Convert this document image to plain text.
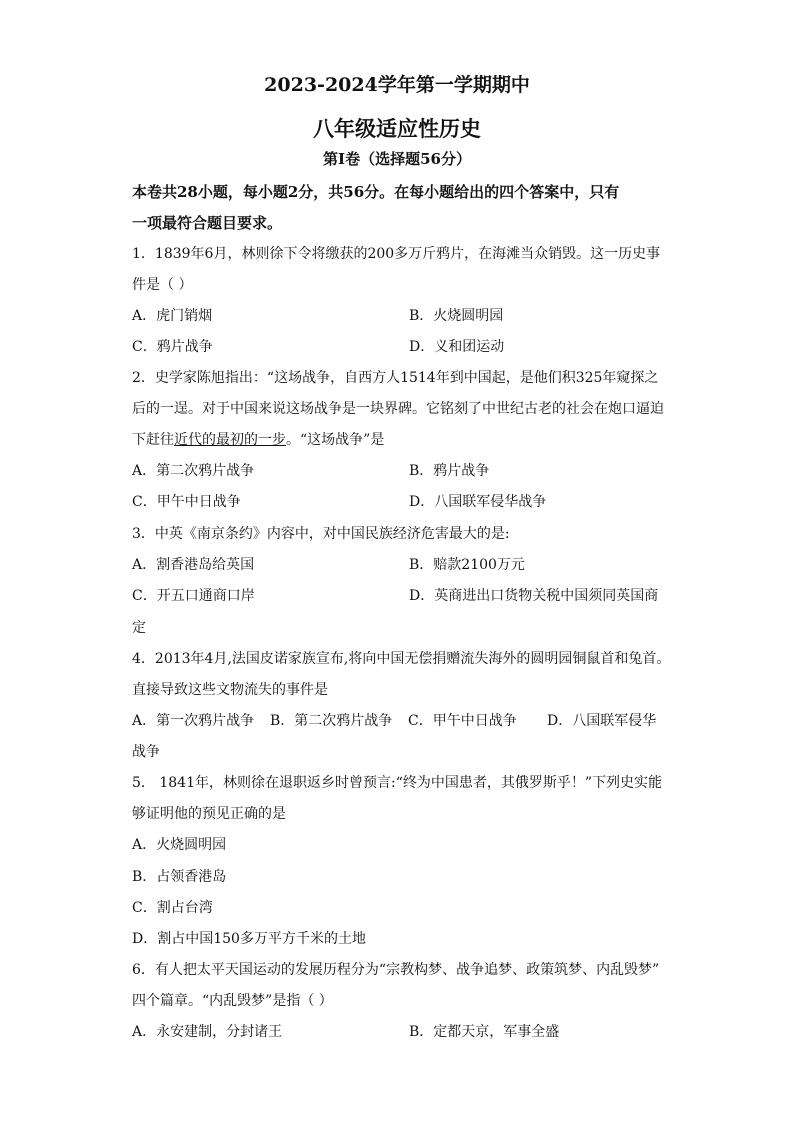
2023-2024学年第一学期期中
八年级适应性历史
第Ⅰ卷（选择题56分）
本卷共28小题，每小题2分，共56分。在每小题给出的四个答案中，只有
一项最符合题目要求。
1．1839年6月，林则徐下令将缴获的200多万斤鸦片，在海滩当众销毁。这一历史事
件是（ ）
A．虎门销烟	B．火烧圆明园
C．鸦片战争	D．义和团运动
2．史学家陈旭指出：“这场战争，自西方人1514年到中国起，是他们积325年窥探之
后的一逞。对于中国来说这场战争是一块界碑。它铭刻了中世纪古老的社会在炮口逼迫
下赶往近代的最初的一步。“这场战争”是
A．第二次鸦片战争	B．鸦片战争
C．甲午中日战争	D．八国联军侵华战争
3．中英《南京条约》内容中，对中国民族经济危害最大的是:
A．割香港岛给英国	B．赔款2100万元
C．开五口通商口岸	D．英商进出口货物关税中国须同英国商
定
4．2013年4月,法国皮诺家族宣布,将向中国无偿捐赠流失海外的圆明园铜鼠首和兔首。
直接导致这些文物流失的事件是
A．第一次鸦片战争 B．第二次鸦片战争 C．甲午中日战争 D．八国联军侵华
战争
5． 1841年，林则徐在退职返乡时曾预言:“终为中国患者，其俄罗斯乎！”下列史实能
够证明他的预见正确的是
A．火烧圆明园
B．占领香港岛
C．割占台湾
D．割占中国150多万平方千米的土地
6．有人把太平天国运动的发展历程分为“宗教构梦、战争追梦、政策筑梦、内乱毁梦”
四个篇章。“内乱毁梦”是指（ ）
A．永安建制，分封诸王	B．定都天京，军事全盛
